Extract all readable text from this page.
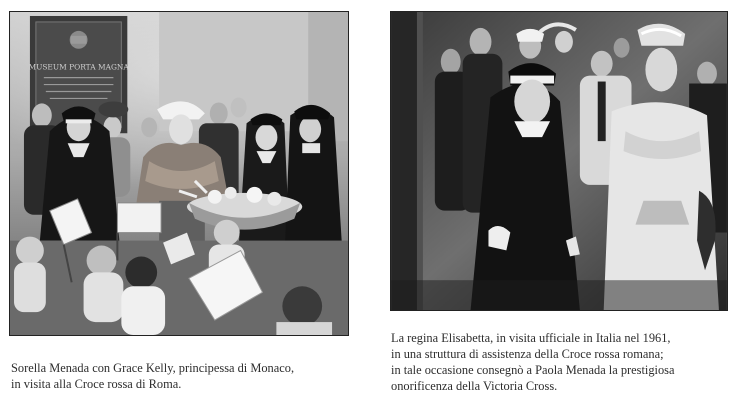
MUSEUM PORTA MAGNA
Sorella Menada con Grace Kelly, principessa di Monaco,
in visita alla Croce rossa di Roma.
La regina Elisabetta, in visita ufficiale in Italia nel 1961,
in una struttura di assistenza della Croce rossa romana;
in tale occasione consegnò a Paola Menada la prestigiosa
onorificenza della Victoria Cross.
